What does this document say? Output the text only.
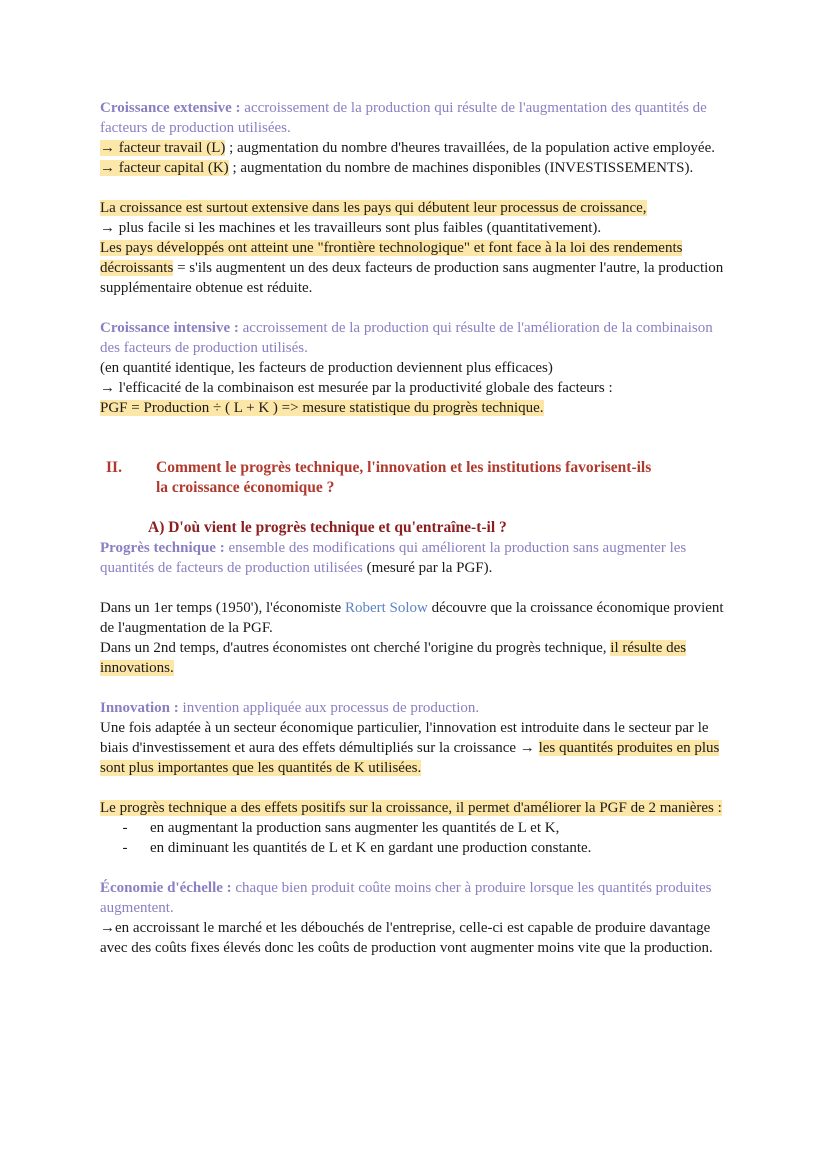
Croissance extensive : accroissement de la production qui résulte de l'augmentation des quantités de facteurs de production utilisées.

→ facteur travail (L) ; augmentation du nombre d'heures travaillées, de la population active employée.

→ facteur capital (K) ; augmentation du nombre de machines disponibles (INVESTISSEMENTS).

La croissance est surtout extensive dans les pays qui débutent leur processus de croissance,

→ plus facile si les machines et les travailleurs sont plus faibles (quantitativement).

Les pays développés ont atteint une "frontière technologique" et font face à la loi des rendements décroissants = s'ils augmentent un des deux facteurs de production sans augmenter l'autre, la production supplémentaire obtenue est réduite.

Croissance intensive : accroissement de la production qui résulte de l'amélioration de la combinaison des facteurs de production utilisés.

(en quantité identique, les facteurs de production deviennent plus efficaces)

→ l'efficacité de la combinaison est mesurée par la productivité globale des facteurs :

PGF = Production ÷ ( L + K ) => mesure statistique du progrès technique.

II.	Comment le progrès technique, l'innovation et les institutions favorisent-ils la croissance économique ?

A) D'où vient le progrès technique et qu'entraîne-t-il ?

Progrès technique : ensemble des modifications qui améliorent la production sans augmenter les quantités de facteurs de production utilisées (mesuré par la PGF).

Dans un 1er temps (1950'), l'économiste Robert Solow découvre que la croissance économique provient de l'augmentation de la PGF.

Dans un 2nd temps, d'autres économistes ont cherché l'origine du progrès technique, il résulte des innovations.

Innovation : invention appliquée aux processus de production.

Une fois adaptée à un secteur économique particulier, l'innovation est introduite dans le secteur par le biais d'investissement et aura des effets démultipliés sur la croissance → les quantités produites en plus sont plus importantes que les quantités de K utilisées.

Le progrès technique a des effets positifs sur la croissance, il permet d'améliorer la PGF de 2 manières :

-	en augmentant la production sans augmenter les quantités de L et K,
-	en diminuant les quantités de L et K en gardant une production constante.

Économie d'échelle : chaque bien produit coûte moins cher à produire lorsque les quantités produites augmentent.

→en accroissant le marché et les débouchés de l'entreprise, celle-ci est capable de produire davantage avec des coûts fixes élevés donc les coûts de production vont augmenter moins vite que la production.
